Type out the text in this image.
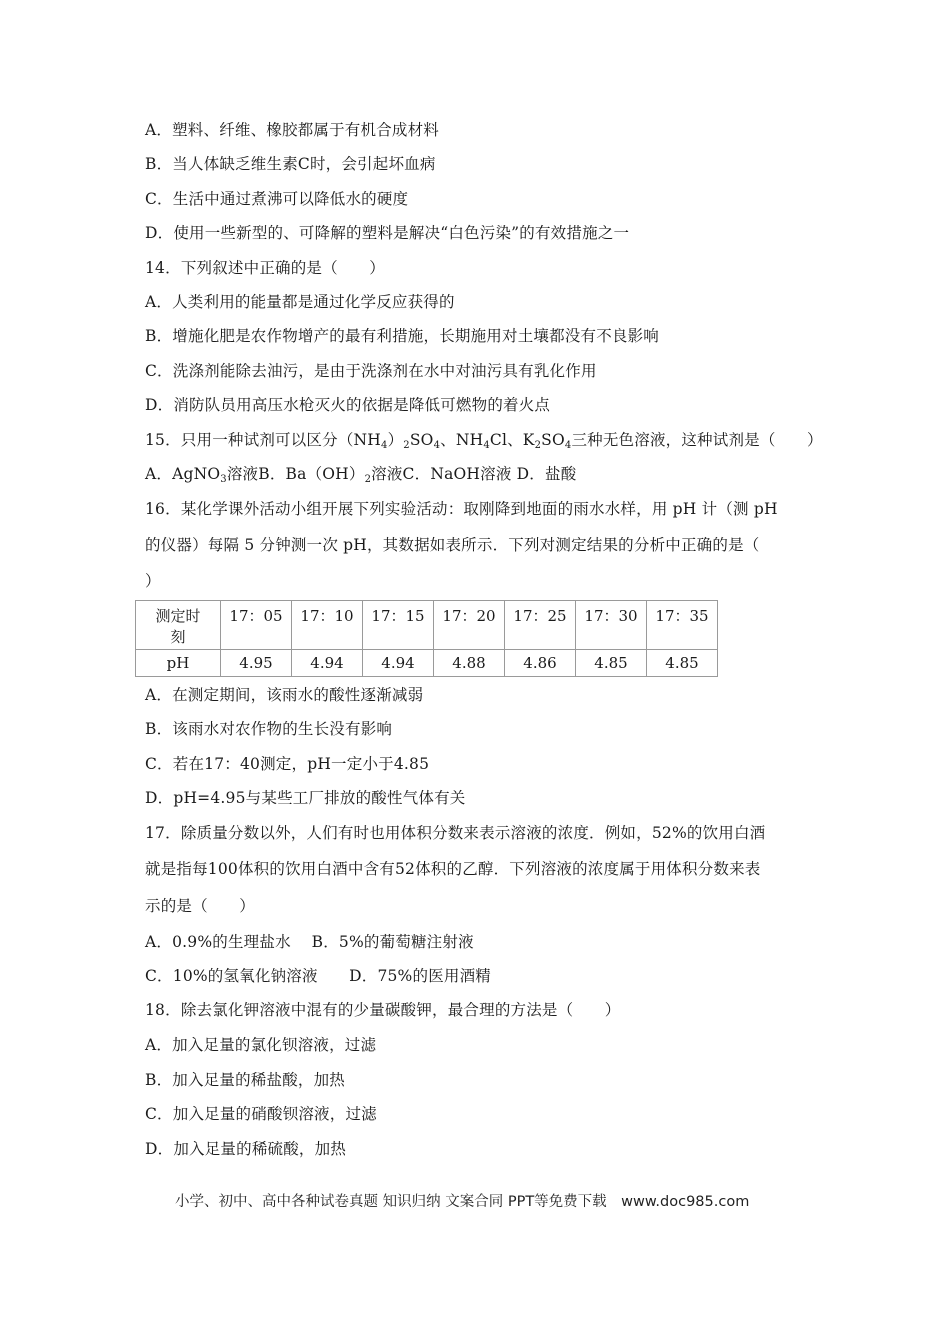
A．塑料、纤维、橡胶都属于有机合成材料
B．当人体缺乏维生素C时，会引起坏血病
C．生活中通过煮沸可以降低水的硬度
D．使用一些新型的、可降解的塑料是解决“白色污染”的有效措施之一
14．下列叙述中正确的是（　　）
A．人类利用的能量都是通过化学反应获得的
B．增施化肥是农作物增产的最有利措施，长期施用对土壤都没有不良影响
C．洗涤剂能除去油污，是由于洗涤剂在水中对油污具有乳化作用
D．消防队员用高压水枪灭火的依据是降低可燃物的着火点
15．只用一种试剂可以区分$(NH_4)_2SO_4$、$NH_4Cl$、$K_2SO_4$三种无色溶液，这种试剂是（　　）
A．AgNO$_3$溶液B．$Ba(OH)_2$溶液C．NaOH溶液 D．盐酸
16．某化学课外活动小组开展下列实验活动：取刚降到地面的雨水水样，用 pH 计（测 pH
的仪器）每隔 5 分钟测一次 pH，其数据如表所示．下列对测定结果的分析中正确的是（
）
测定时
刻	17：05	17：10	17：15	17：20	17：25	17：30	17：35
pH	4.95	4.94	4.94	4.88	4.86	4.85	4.85
A．在测定期间，该雨水的酸性逐渐减弱
B．该雨水对农作物的生长没有影响
C．若在17：40测定，pH一定小于4.85
D．pH=4.95与某些工厂排放的酸性气体有关
17．除质量分数以外，人们有时也用体积分数来表示溶液的浓度．例如，52%的饮用白酒
就是指每100体积的饮用白酒中含有52体积的乙醇．下列溶液的浓度属于用体积分数来表
示的是（　　）
A．0.9%的生理盐水　 B．5%的葡萄糖注射液
C．10%的氢氧化钠溶液　　D．75%的医用酒精
18．除去氯化钾溶液中混有的少量碳酸钾，最合理的方法是（　　）
A．加入足量的氯化钡溶液，过滤
B．加入足量的稀盐酸，加热
C．加入足量的硝酸钡溶液，过滤
D．加入足量的稀硫酸，加热
小学、初中、高中各种试卷真题 知识归纳 文案合同 PPT等免费下载　www.doc985.com
